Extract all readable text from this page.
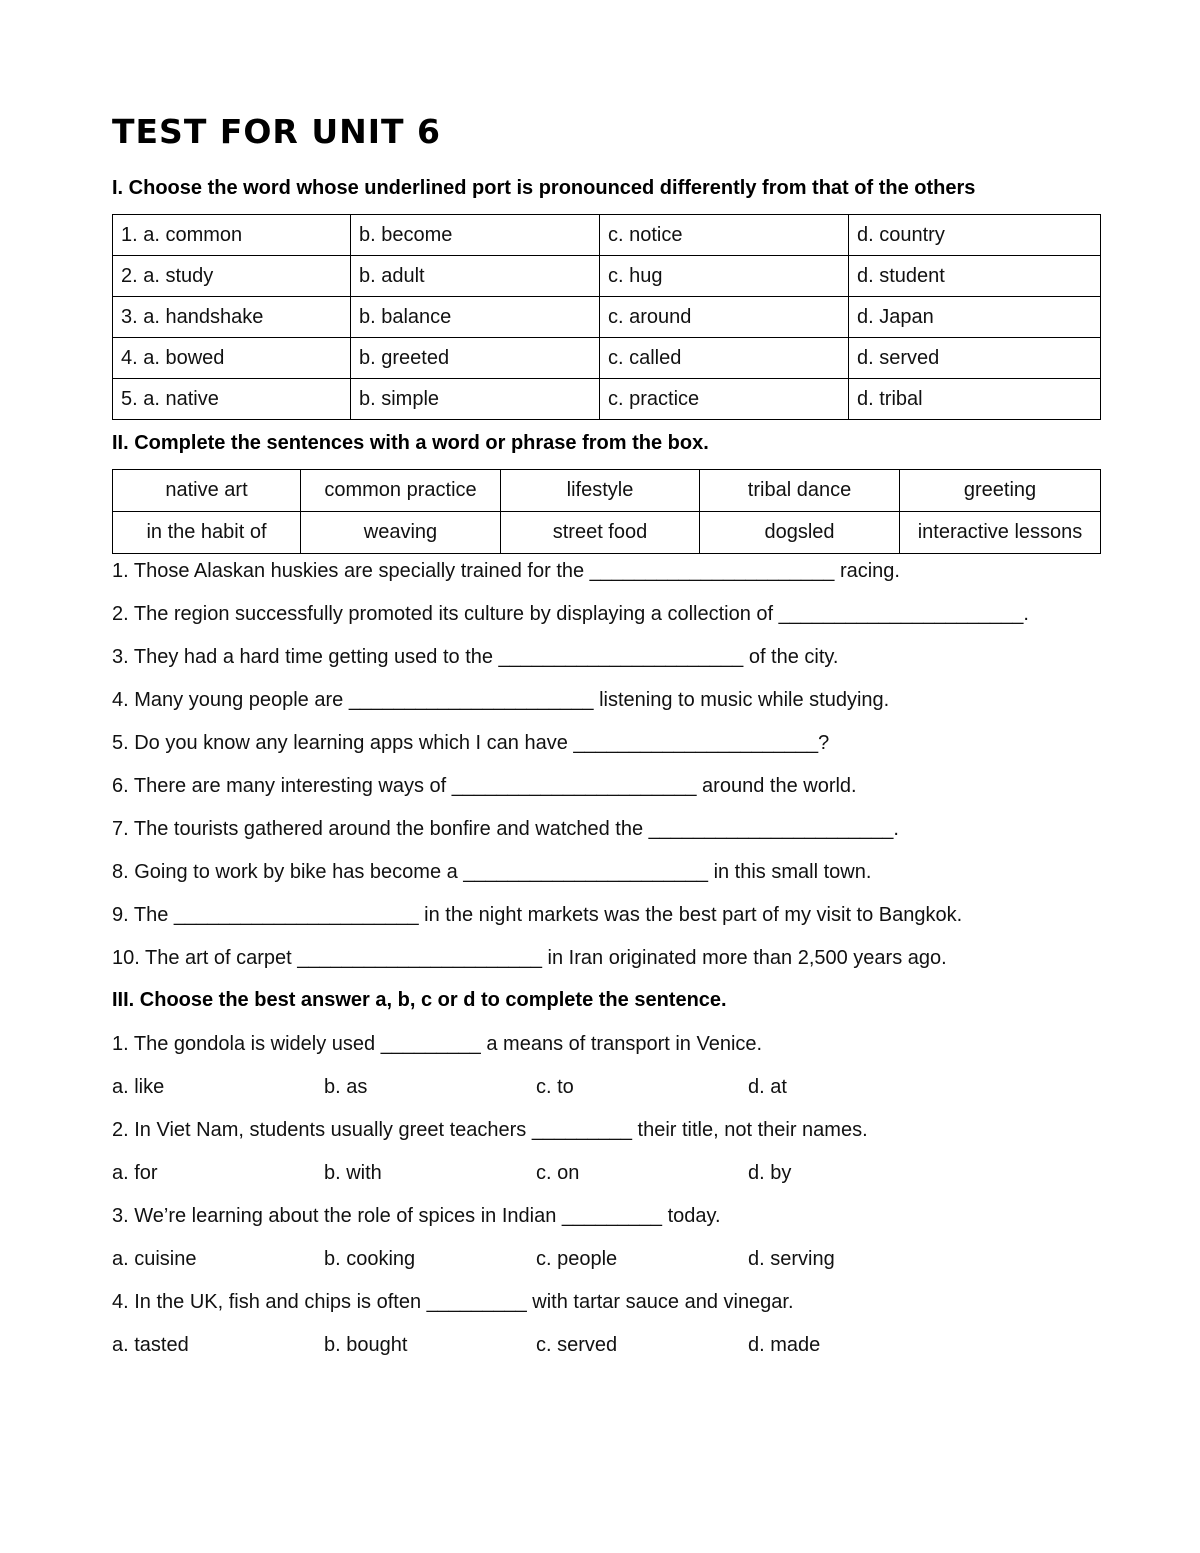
TEST FOR UNIT 6

I. Choose the word whose underlined port is pronounced differently from that of the others

1. a. common	b. become	c. notice	d. country
2. a. study	b. adult	c. hug	d. student
3. a. handshake	b. balance	c. around	d. Japan
4. a. bowed	b. greeted	c. called	d. served
5. a. native	b. simple	c. practice	d. tribal

II. Complete the sentences with a word or phrase from the box.

native art	common practice	lifestyle	tribal dance	greeting
in the habit of	weaving	street food	dogsled	interactive lessons

1. Those Alaskan huskies are specially trained for the ______________________ racing.

2. The region successfully promoted its culture by displaying a collection of ______________________.

3. They had a hard time getting used to the ______________________ of the city.

4. Many young people are ______________________ listening to music while studying.

5. Do you know any learning apps which I can have ______________________?

6. There are many interesting ways of ______________________ around the world.

7. The tourists gathered around the bonfire and watched the ______________________.

8. Going to work by bike has become a ______________________ in this small town.

9. The ______________________ in the night markets was the best part of my visit to Bangkok.

10. The art of carpet ______________________ in Iran originated more than 2,500 years ago.

III. Choose the best answer a, b, c or d to complete the sentence.

1. The gondola is widely used _________ a means of transport in Venice.

a. like	b. as	c. to	d. at

2. In Viet Nam, students usually greet teachers _________ their title, not their names.

a. for	b. with	c. on	d. by

3. We’re learning about the role of spices in Indian _________ today.

a. cuisine	b. cooking	c. people	d. serving

4. In the UK, fish and chips is often _________ with tartar sauce and vinegar.

a. tasted	b. bought	c. served	d. made
